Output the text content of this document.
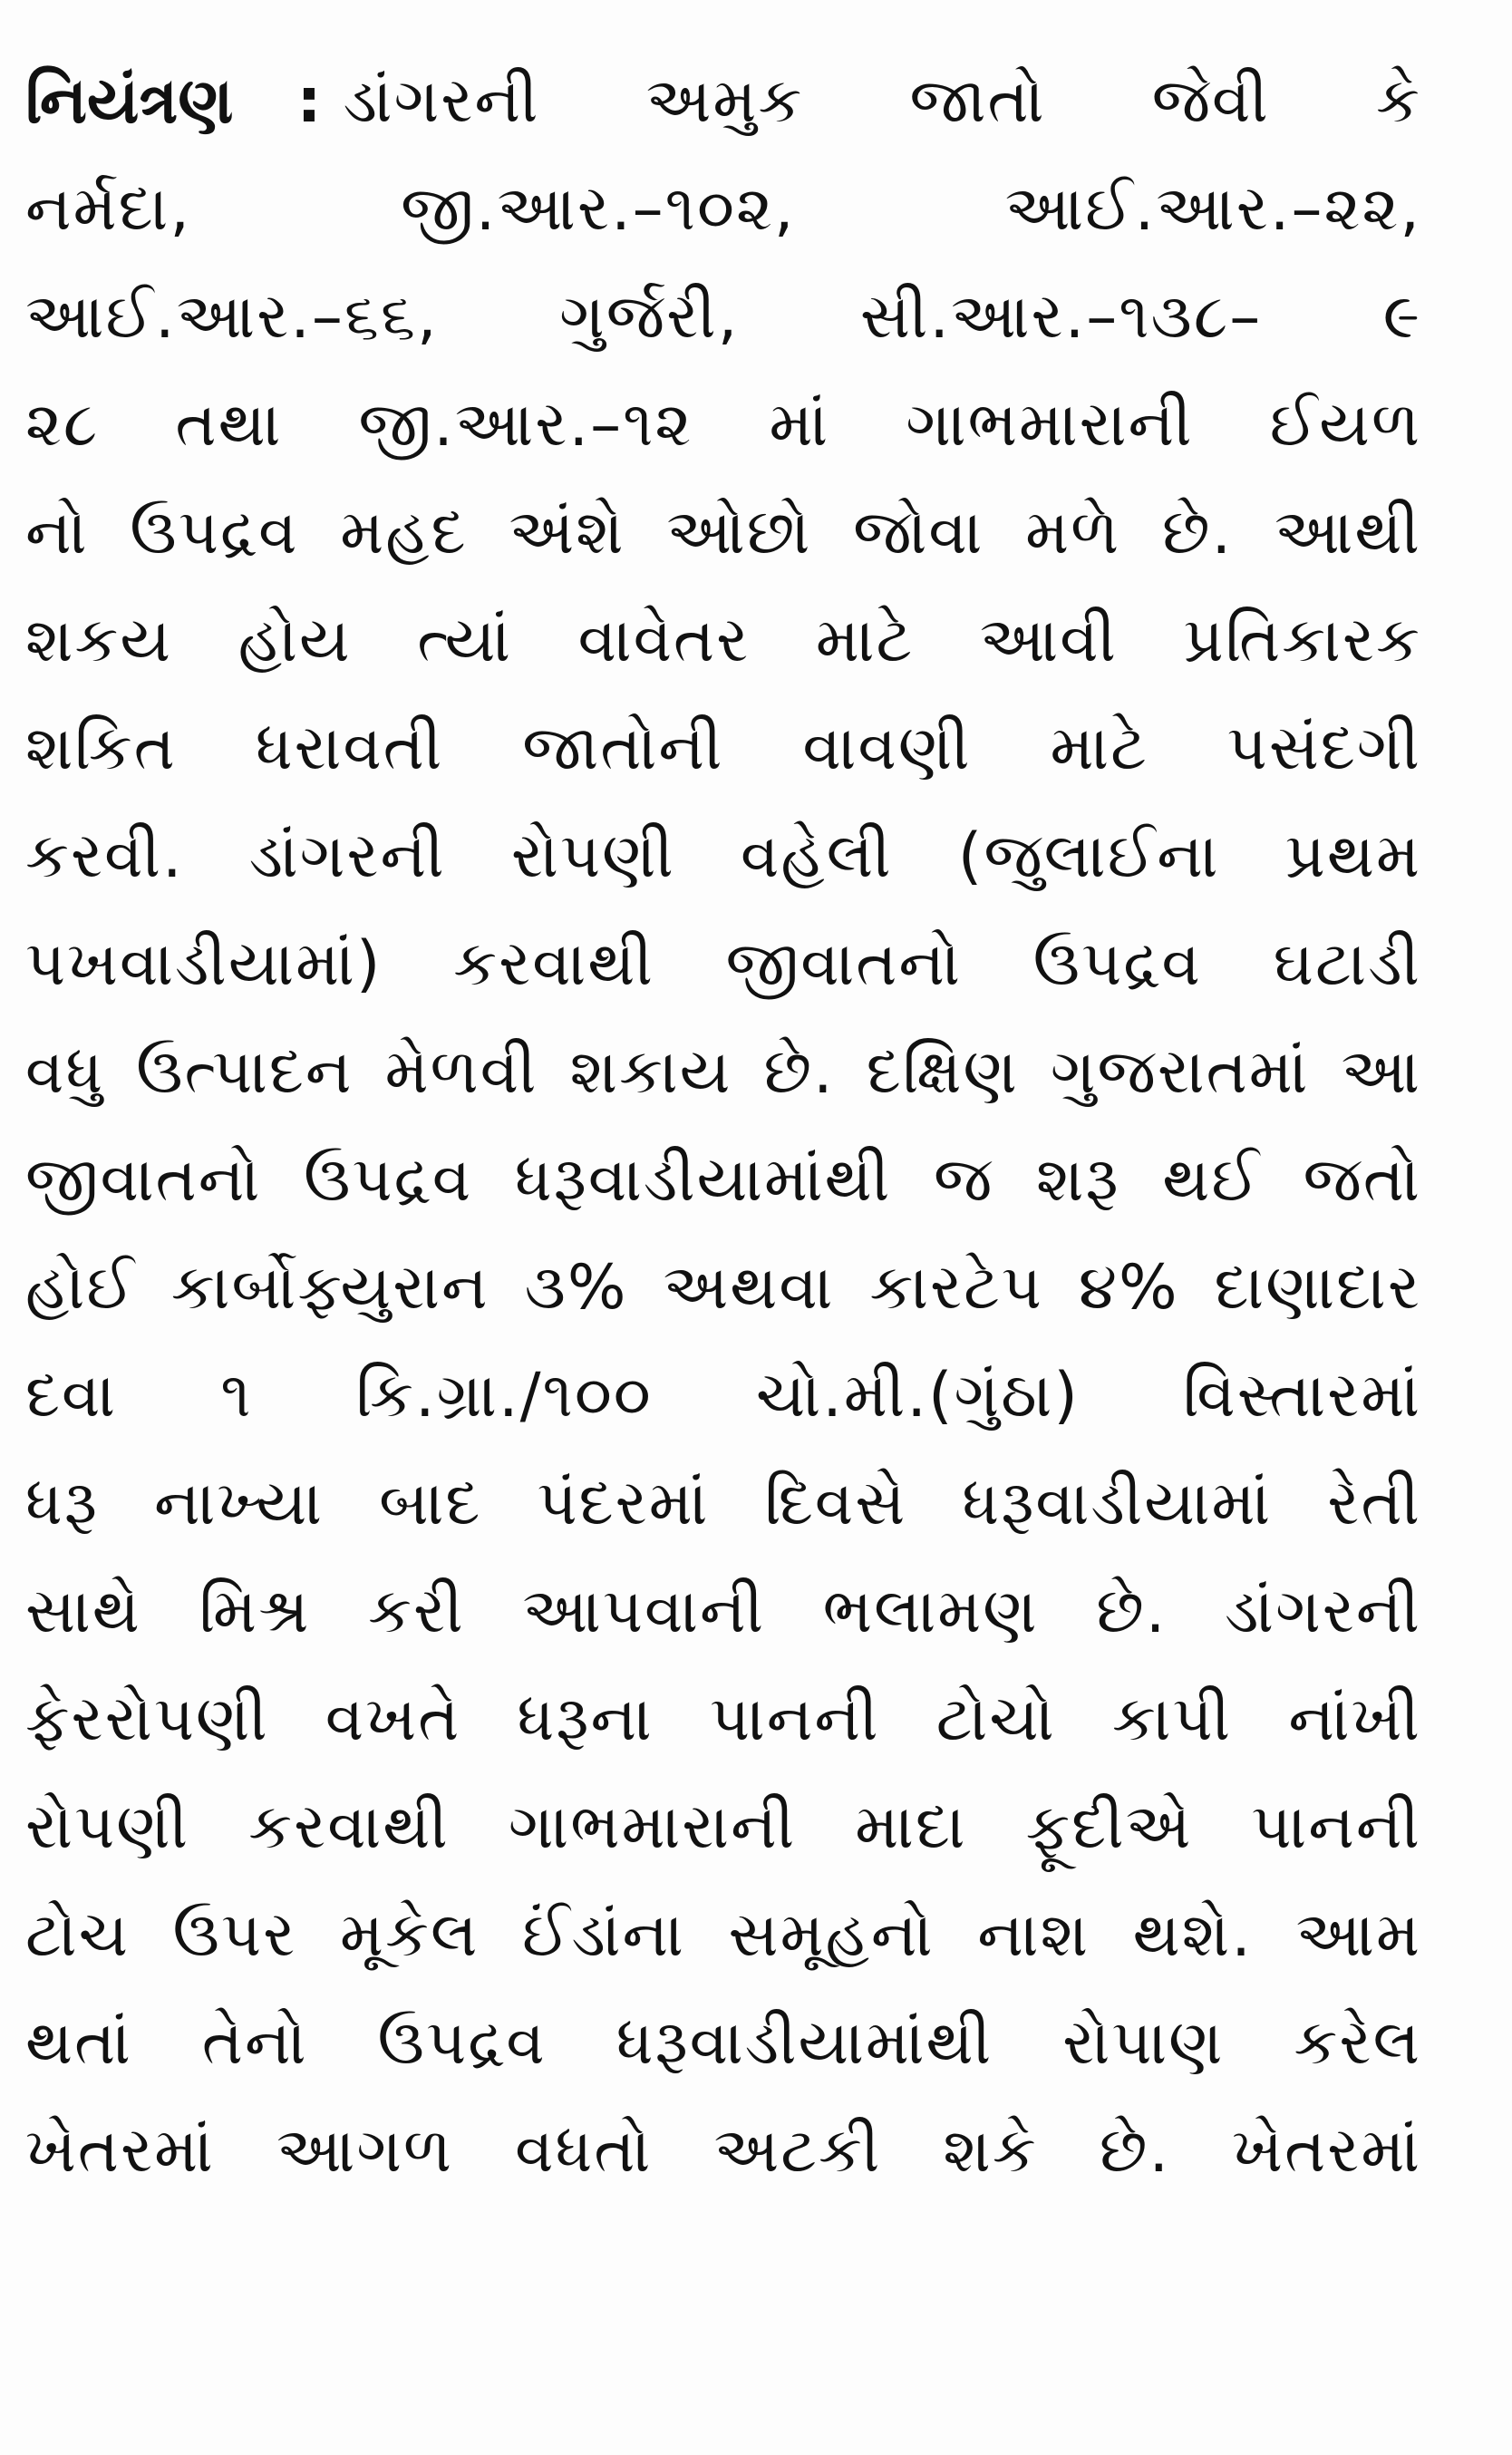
નિયંત્રણ : ડાંગરની અમુક જાતો જેવી કે
નર્મદા, જી.આર.–૧૦૨, આઈ.આર.–૨૨,
આઈ.આર.–૬૬, ગુર્જરી, સી.આર.–૧૩૮– ૯
૨૮ તથા જી.આર.–૧૨ માં ગાભમારાની ઈયળ
નો ઉપદ્રવ મહદ અંશે ઓછો જોવા મળે છે. આથી
શકય હોય ત્યાં વાવેતર માટે આવી પ્રતિકારક
શકિત ધરાવતી જાતોની વાવણી માટે પસંદગી
કરવી. ડાંગરની રોપણી વહેલી (જુલાઈના પ્રથમ
પખવાડીયામાં) કરવાથી જીવાતનો ઉપદ્રવ ઘટાડી
વધુ ઉત્પાદન મેળવી શકાય છે. દક્ષિણ ગુજરાતમાં આ
જીવાતનો ઉપદ્રવ ધરૂવાડીયામાંથી જ શરૂ થઈ જતો
હોઈ કાર્બોફ્યુરાન ૩% અથવા કારટેપ ૪% દાણાદાર
દવા ૧ કિ.ગ્રા./૧૦૦ ચો.મી.(ગુંઠા) વિસ્તારમાં
ધરૂ નાખ્યા બાદ પંદરમાં દિવસે ધરૂવાડીયામાં રેતી
સાથે મિશ્ર કરી આપવાની ભલામણ છે. ડાંગરની
ફેરરોપણી વખતે ધરૂના પાનની ટોચો કાપી નાંખી
રોપણી કરવાથી ગાભમારાની માદા ફૂદીએ પાનની
ટોચ ઉપર મૂકેલ ઈંડાંના સમૂહનો નાશ થશે. આમ
થતાં તેનો ઉપદ્રવ ધરૂવાડીયામાંથી રોપાણ કરેલ
ખેતરમાં આગળ વધતો અટકી શકે છે. ખેતરમાં
